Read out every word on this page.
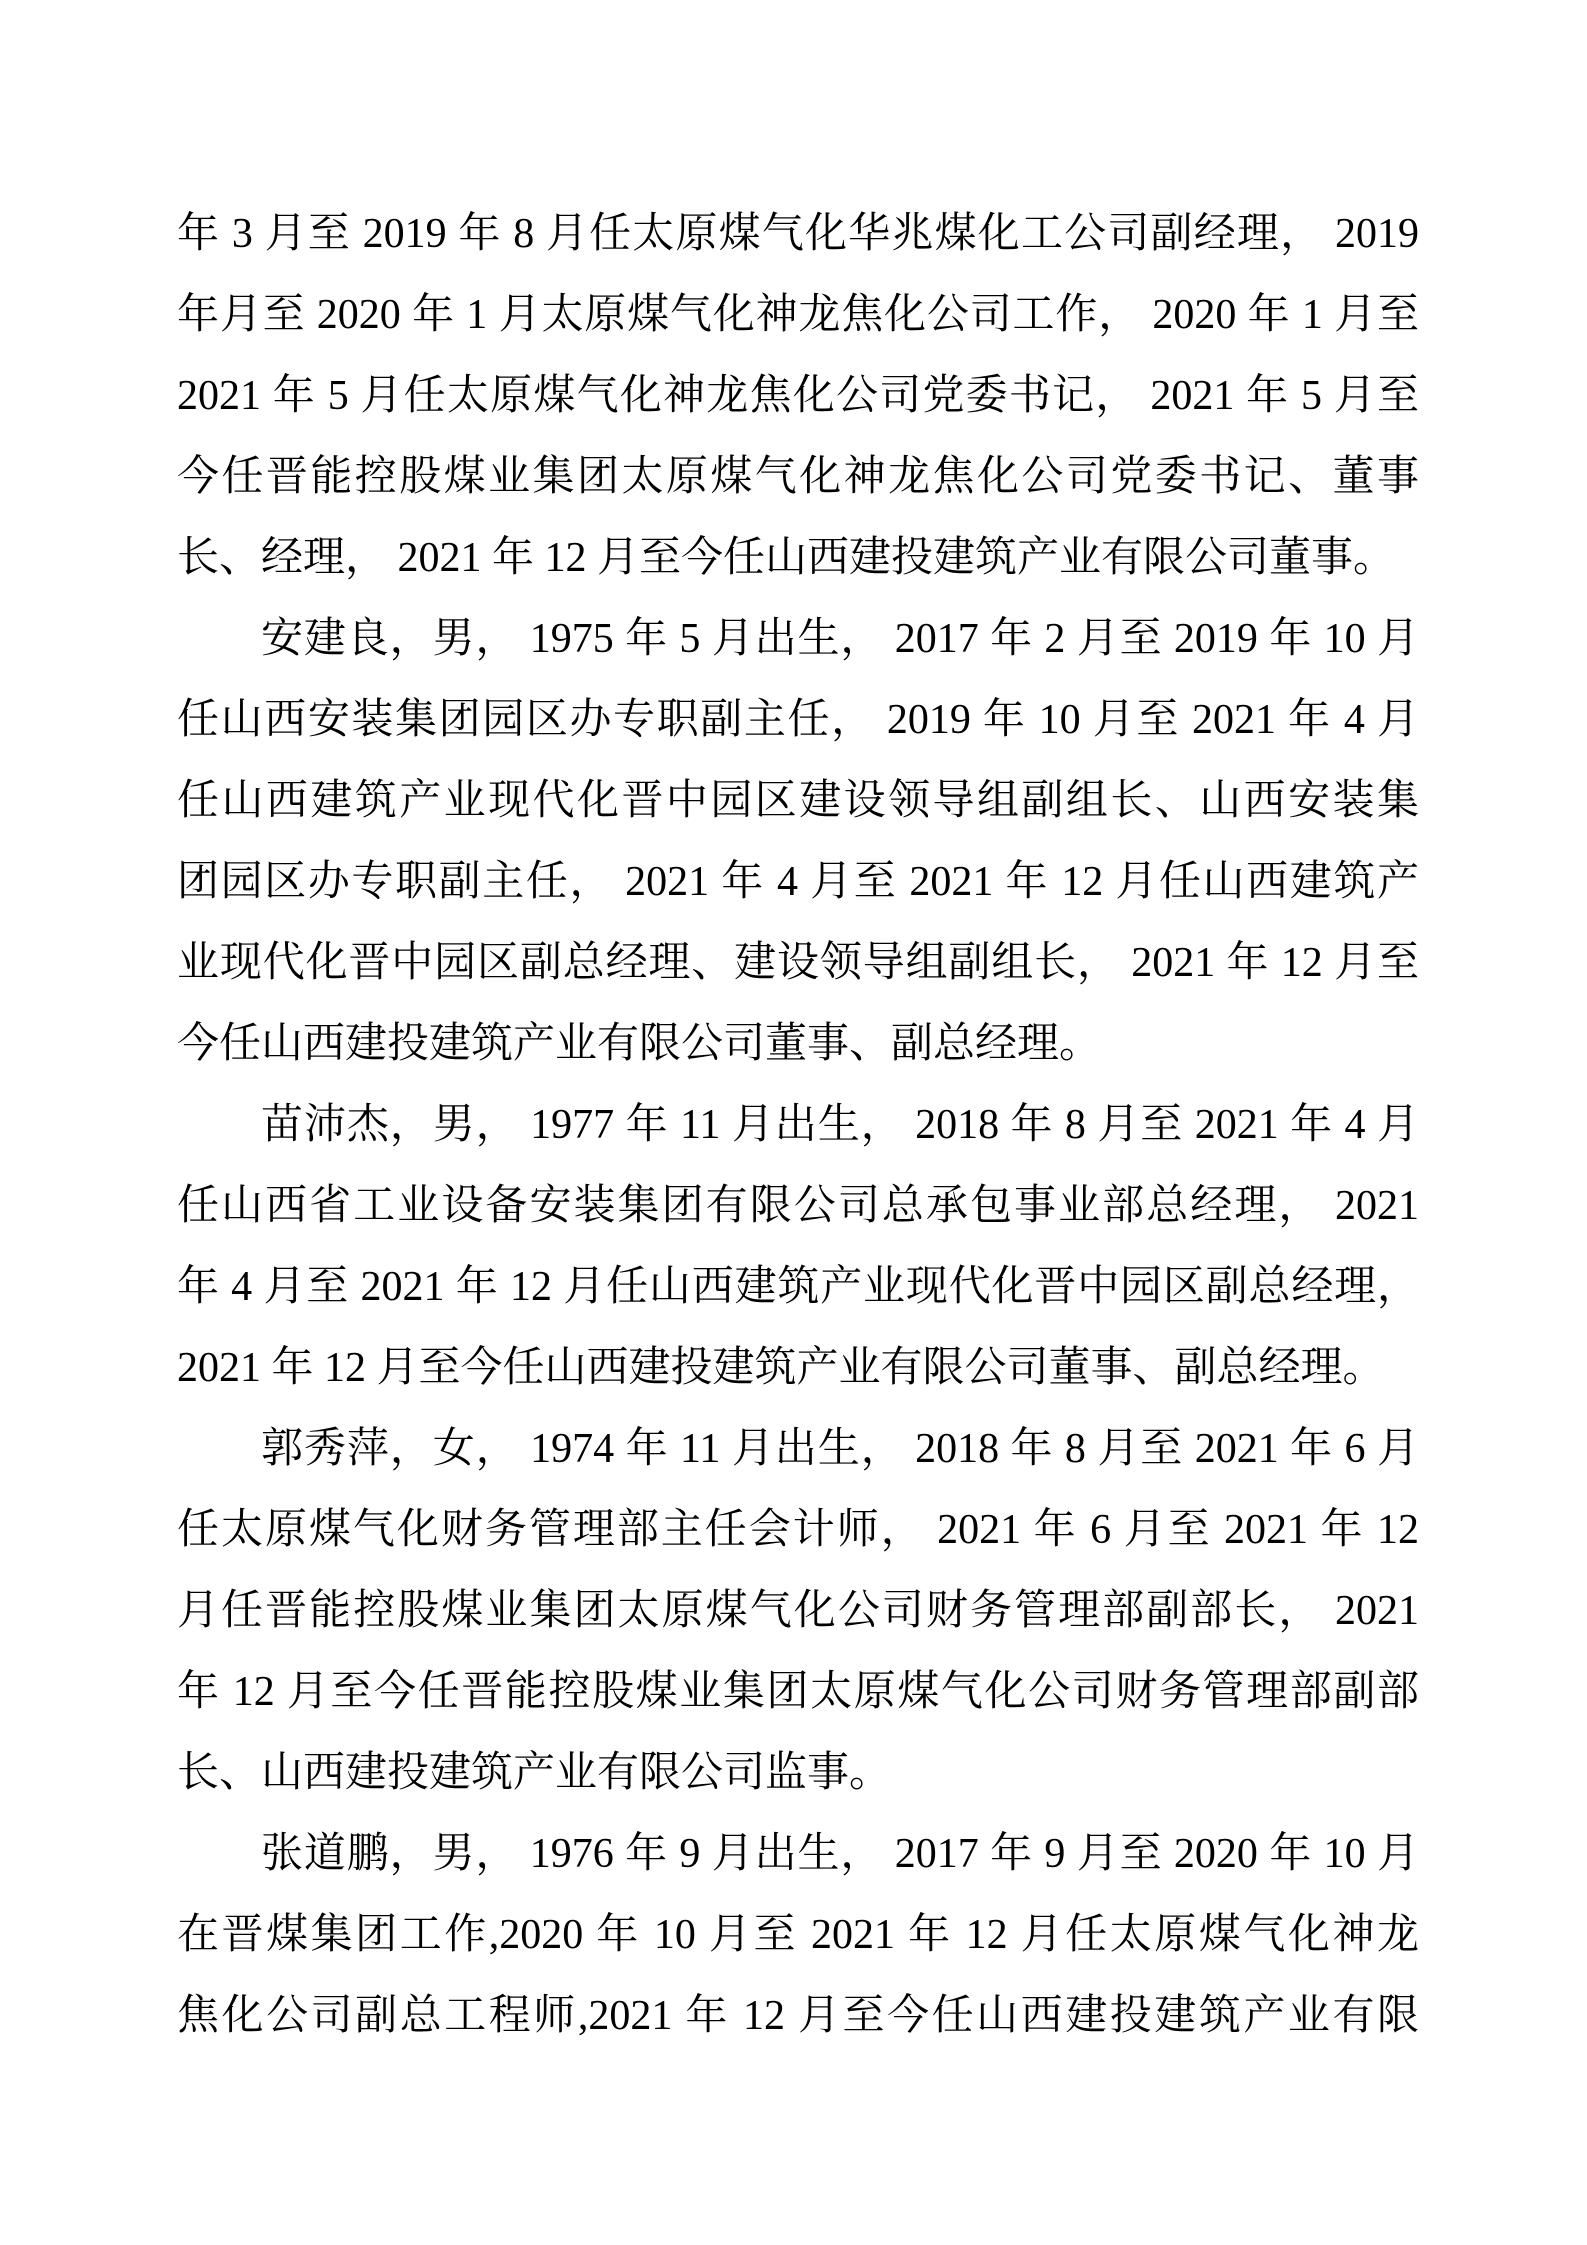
年 3 月至 2019 年 8 月任太原煤气化华兆煤化工公司副经理， 2019
年月至 2020 年 1 月太原煤气化神龙焦化公司工作， 2020 年 1 月至
2021 年 5 月任太原煤气化神龙焦化公司党委书记， 2021 年 5 月至
今任晋能控股煤业集团太原煤气化神龙焦化公司党委书记、董事
长、经理， 2021 年 12 月至今任山西建投建筑产业有限公司董事。
安建良，男， 1975 年 5 月出生， 2017 年 2 月至 2019 年 10 月
任山西安装集团园区办专职副主任， 2019 年 10 月至 2021 年 4 月
任山西建筑产业现代化晋中园区建设领导组副组长、山西安装集
团园区办专职副主任， 2021 年 4 月至 2021 年 12 月任山西建筑产
业现代化晋中园区副总经理、建设领导组副组长， 2021 年 12 月至
今任山西建投建筑产业有限公司董事、副总经理。
苗沛杰，男， 1977 年 11 月出生， 2018 年 8 月至 2021 年 4 月
任山西省工业设备安装集团有限公司总承包事业部总经理， 2021
年 4 月至 2021 年 12 月任山西建筑产业现代化晋中园区副总经理，
2021 年 12 月至今任山西建投建筑产业有限公司董事、副总经理。
郭秀萍，女， 1974 年 11 月出生， 2018 年 8 月至 2021 年 6 月
任太原煤气化财务管理部主任会计师， 2021 年 6 月至 2021 年 12
月任晋能控股煤业集团太原煤气化公司财务管理部副部长， 2021
年 12 月至今任晋能控股煤业集团太原煤气化公司财务管理部副部
长、山西建投建筑产业有限公司监事。
张道鹏，男， 1976 年 9 月出生， 2017 年 9 月至 2020 年 10 月
在晋煤集团工作,2020 年 10 月至 2021 年 12 月任太原煤气化神龙
焦化公司副总工程师,2021 年 12 月至今任山西建投建筑产业有限
